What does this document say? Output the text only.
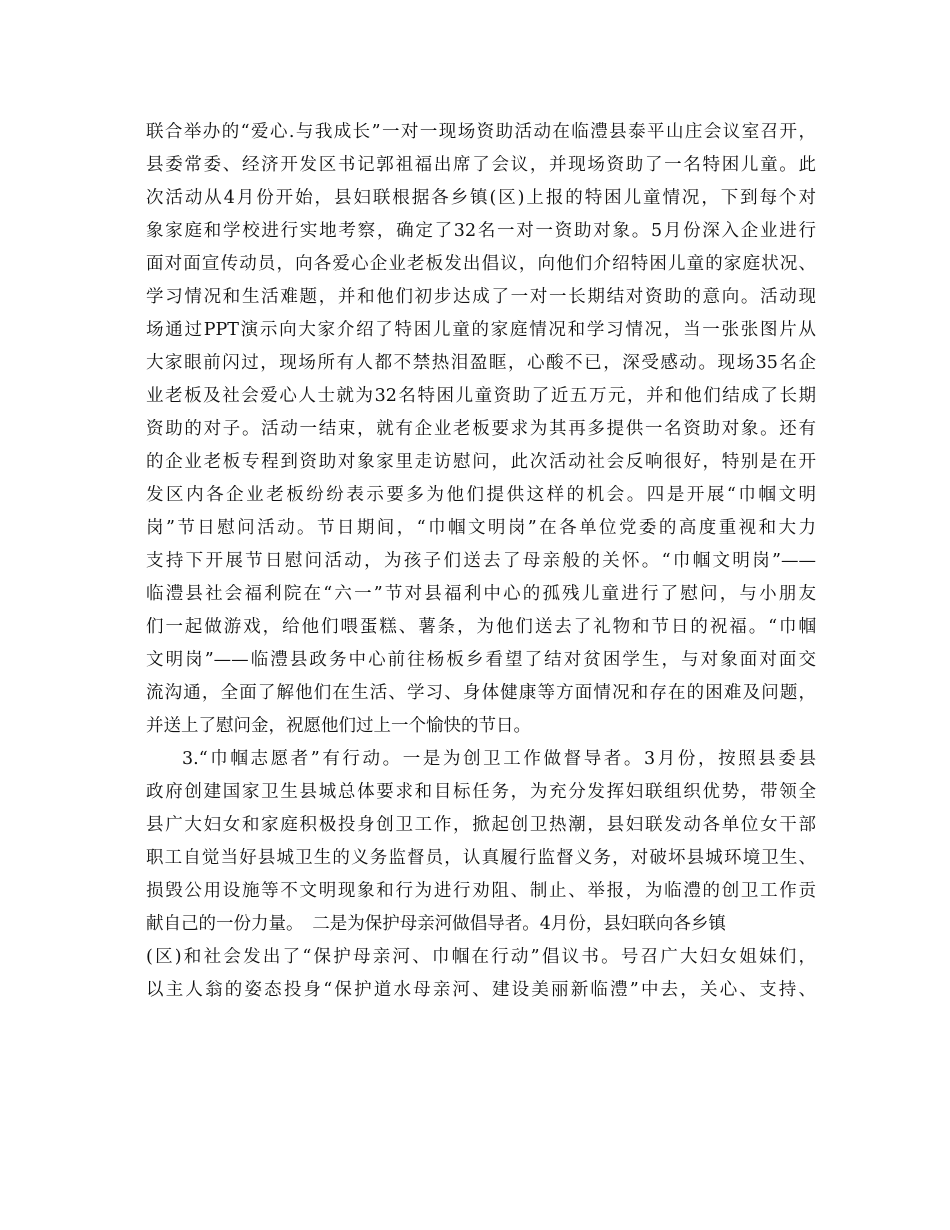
联合举办的“爱心.与我成长”一对一现场资助活动在临澧县泰平山庄会议室召开，
县委常委、经济开发区书记郭祖福出席了会议，并现场资助了一名特困儿童。此
次活动从4月份开始，县妇联根据各乡镇(区)上报的特困儿童情况，下到每个对
象家庭和学校进行实地考察，确定了32名一对一资助对象。5月份深入企业进行
面对面宣传动员，向各爱心企业老板发出倡议，向他们介绍特困儿童的家庭状况、
学习情况和生活难题，并和他们初步达成了一对一长期结对资助的意向。活动现
场通过PPT演示向大家介绍了特困儿童的家庭情况和学习情况，当一张张图片从
大家眼前闪过，现场所有人都不禁热泪盈眶，心酸不已，深受感动。现场35名企
业老板及社会爱心人士就为32名特困儿童资助了近五万元，并和他们结成了长期
资助的对子。活动一结束，就有企业老板要求为其再多提供一名资助对象。还有
的企业老板专程到资助对象家里走访慰问，此次活动社会反响很好，特别是在开
发区内各企业老板纷纷表示要多为他们提供这样的机会。四是开展“巾帼文明
岗”节日慰问活动。节日期间，“巾帼文明岗”在各单位党委的高度重视和大力
支持下开展节日慰问活动，为孩子们送去了母亲般的关怀。“巾帼文明岗”——
临澧县社会福利院在“六一”节对县福利中心的孤残儿童进行了慰问，与小朋友
们一起做游戏，给他们喂蛋糕、薯条，为他们送去了礼物和节日的祝福。“巾帼
文明岗”——临澧县政务中心前往杨板乡看望了结对贫困学生，与对象面对面交
流沟通，全面了解他们在生活、学习、身体健康等方面情况和存在的困难及问题，
并送上了慰问金，祝愿他们过上一个愉快的节日。
3.“巾帼志愿者”有行动。一是为创卫工作做督导者。3月份，按照县委县
政府创建国家卫生县城总体要求和目标任务，为充分发挥妇联组织优势，带领全
县广大妇女和家庭积极投身创卫工作，掀起创卫热潮，县妇联发动各单位女干部
职工自觉当好县城卫生的义务监督员，认真履行监督义务，对破坏县城环境卫生、
损毁公用设施等不文明现象和行为进行劝阻、制止、举报，为临澧的创卫工作贡
献自己的一份力量。　二是为保护母亲河做倡导者。4月份，县妇联向各乡镇
(区)和社会发出了“保护母亲河、巾帼在行动”倡议书。号召广大妇女姐妹们，
以主人翁的姿态投身“保护道水母亲河、建设美丽新临澧”中去，关心、支持、
